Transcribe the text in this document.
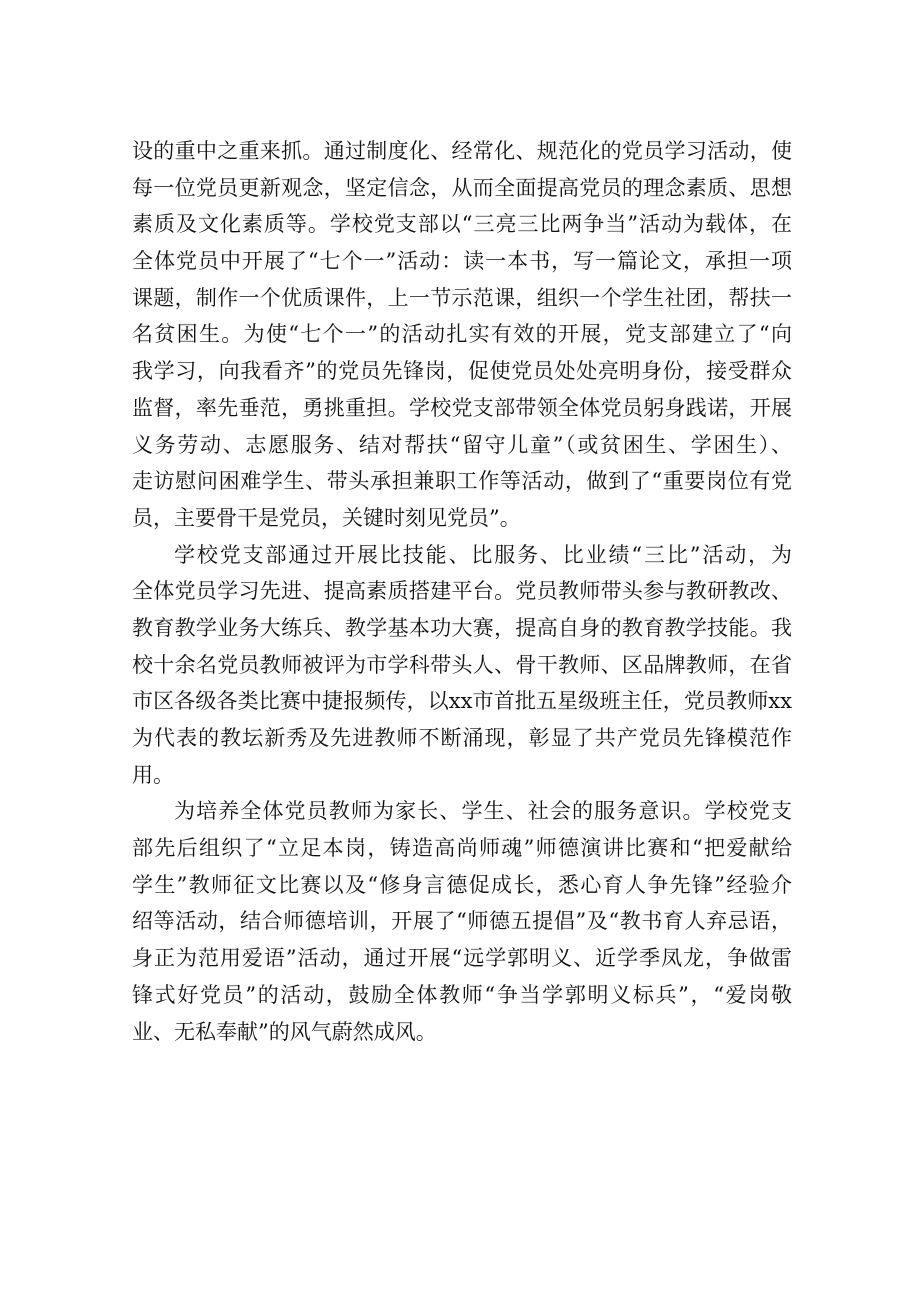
设的重中之重来抓。通过制度化、经常化、规范化的党员学习活动，使
每一位党员更新观念，坚定信念，从而全面提高党员的理念素质、思想
素质及文化素质等。学校党支部以“三亮三比两争当”活动为载体，在
全体党员中开展了“七个一”活动：读一本书，写一篇论文，承担一项
课题，制作一个优质课件，上一节示范课，组织一个学生社团，帮扶一
名贫困生。为使“七个一”的活动扎实有效的开展，党支部建立了“向
我学习，向我看齐”的党员先锋岗，促使党员处处亮明身份，接受群众
监督，率先垂范，勇挑重担。学校党支部带领全体党员躬身践诺，开展
义务劳动、志愿服务、结对帮扶“留守儿童”（或贫困生、学困生）、
走访慰问困难学生、带头承担兼职工作等活动，做到了“重要岗位有党
员，主要骨干是党员，关键时刻见党员”。
学校党支部通过开展比技能、比服务、比业绩“三比”活动，为
全体党员学习先进、提高素质搭建平台。党员教师带头参与教研教改、
教育教学业务大练兵、教学基本功大赛，提高自身的教育教学技能。我
校十余名党员教师被评为市学科带头人、骨干教师、区品牌教师，在省
市区各级各类比赛中捷报频传，以xx市首批五星级班主任，党员教师xx
为代表的教坛新秀及先进教师不断涌现，彰显了共产党员先锋模范作
用。
为培养全体党员教师为家长、学生、社会的服务意识。学校党支
部先后组织了“立足本岗，铸造高尚师魂”师德演讲比赛和“把爱献给
学生”教师征文比赛以及“修身言德促成长，悉心育人争先锋”经验介
绍等活动，结合师德培训，开展了“师德五提倡”及“教书育人弃忌语，
身正为范用爱语”活动，通过开展“远学郭明义、近学季凤龙，争做雷
锋式好党员”的活动，鼓励全体教师“争当学郭明义标兵”，“爱岗敬
业、无私奉献”的风气蔚然成风。
